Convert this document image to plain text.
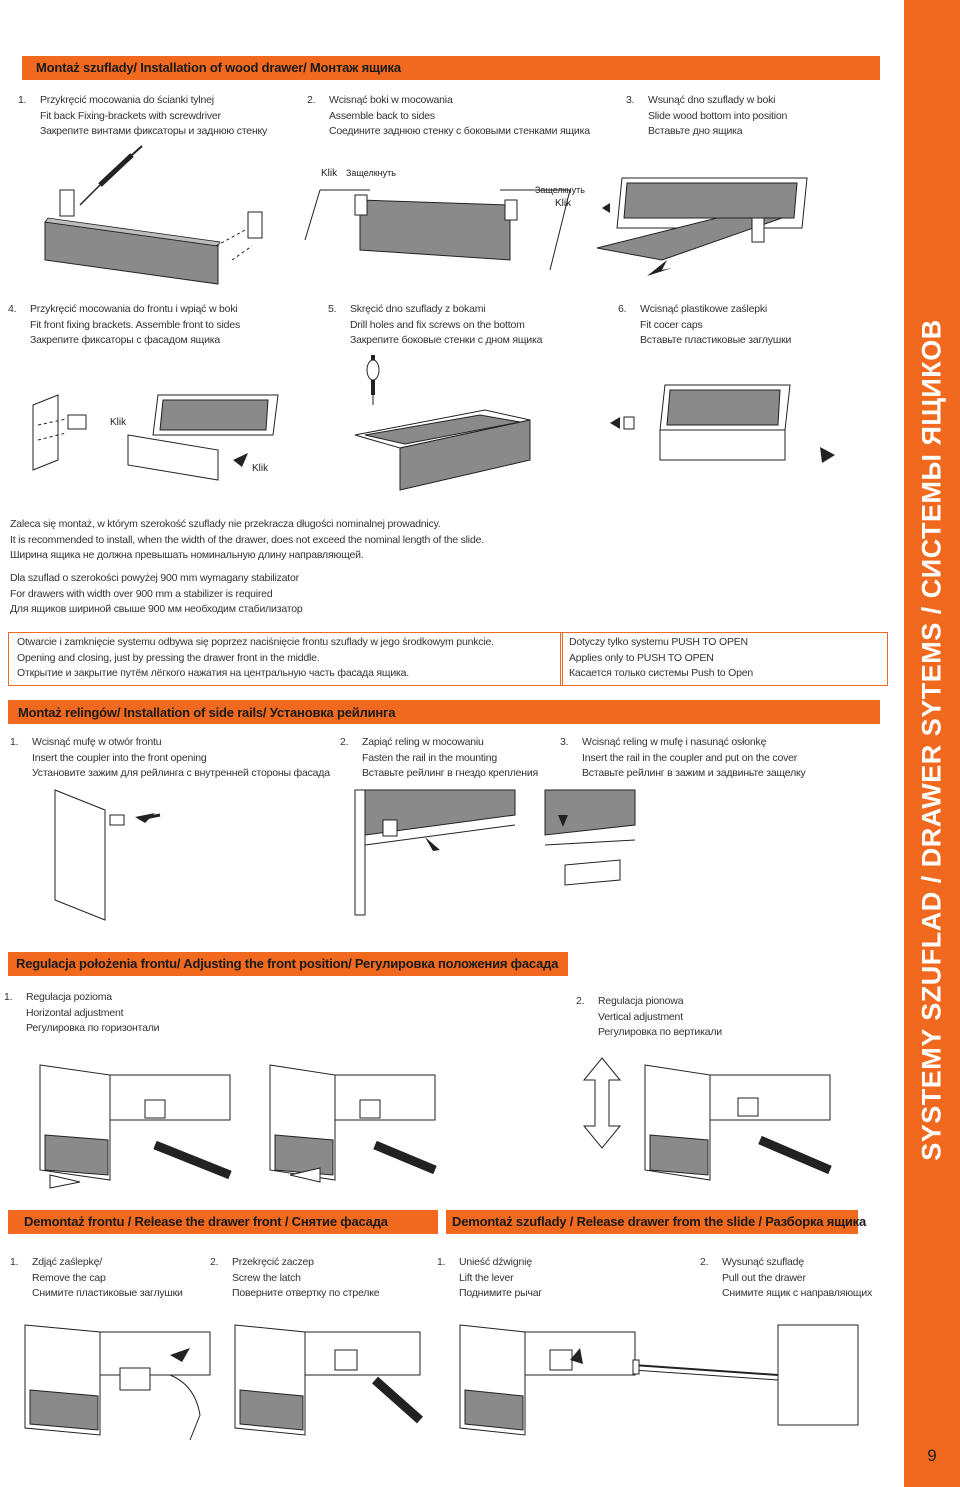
SYSTEMY SZUFLAD / DRAWER SYTEMS / СИСТЕМЫ ЯЩИКОВ
9
Montaż szuflady/ Installation of wood drawer/ Монтаж ящика
1. Przykręcić mocowania do ścianki tylnej
Fit back Fixing-brackets with screwdriver
Закрепите винтами фиксаторы и заднюю стенку
2. Wcisnąć boki w mocowania
Assemble back to sides
Соедините заднюю стенку с боковыми стенками ящика
3. Wsunąć dno szuflady w boki
Slide wood bottom into position
Вставьте дно ящика
4. Przykręcić mocowania do frontu i wpiąć w boki
Fit front fixing brackets. Assemble front to sides
Закрепите фиксаторы с фасадом ящика
5. Skręcić dno szuflady z bokami
Drill holes and fix screws on the bottom
Закрепите боковые стенки с дном ящика
6. Wcisnąć plastikowe zaślepki
Fit cocer caps
Вставьте пластиковые заглушки
Klik Защелкнуть
Защелкнуть
Klik
Klik
Klik
Zaleca się montaż, w którym szerokość szuflady nie przekracza długości nominalnej prowadnicy.
It is recommended to install, when the width of the drawer, does not exceed the nominal length of the slide.
Ширина ящика не должна превышать номинальную длину направляющей.
Dla szuflad o szerokości powyżej 900 mm wymagany stabilizator
For drawers with width over 900 mm a stabilizer is required
Для ящиков шириной свыше 900 мм необходим стабилизатор
Otwarcie i zamknięcie systemu odbywa się poprzez naciśnięcie frontu szuflady w jego środkowym punkcie.
Opening and closing, just by pressing the drawer front in the middle.
Открытие и закрытие путём лёгкого нажатия на центральную часть фасада ящика.
Dotyczy tylko systemu PUSH TO OPEN
Applies only to PUSH TO OPEN
Касается только системы Push to Open
Montaż relingów/ Installation of side rails/ Установка рейлинга
1. Wcisnąć mufę w otwór frontu
Insert the coupler into the front opening
Установите зажим для рейлинга с внутренней стороны фасада
2. Zapiąć reling w mocowaniu
Fasten the rail in the mounting
Вставьте рейлинг в гнездо крепления
3. Wcisnąć reling w mufę i nasunąć osłonkę
Insert the rail in the coupler and put on the cover
Вставьте рейлинг в зажим и задвиньте защелку
Regulacja położenia frontu/ Adjusting the front position/ Регулировка положения фасада
1. Regulacja pozioma
Horizontal adjustment
Регулировка по горизонтали
2. Regulacja pionowa
Vertical adjustment
Регулировка по вертикали
Demontaż frontu / Release the drawer front / Снятие фасада	Demontaż szuflady / Release drawer from the slide / Разборка ящика
1. Zdjąć zaślepkę/
Remove the cap
Снимите пластиковые заглушки
2. Przekręcić zaczep
Screw the latch
Поверните отвертку по стрелке
1. Unieść dźwignię
Lift the lever
Поднимите рычаг
2. Wysunąć szufladę
Pull out the drawer
Снимите ящик с направляющих
